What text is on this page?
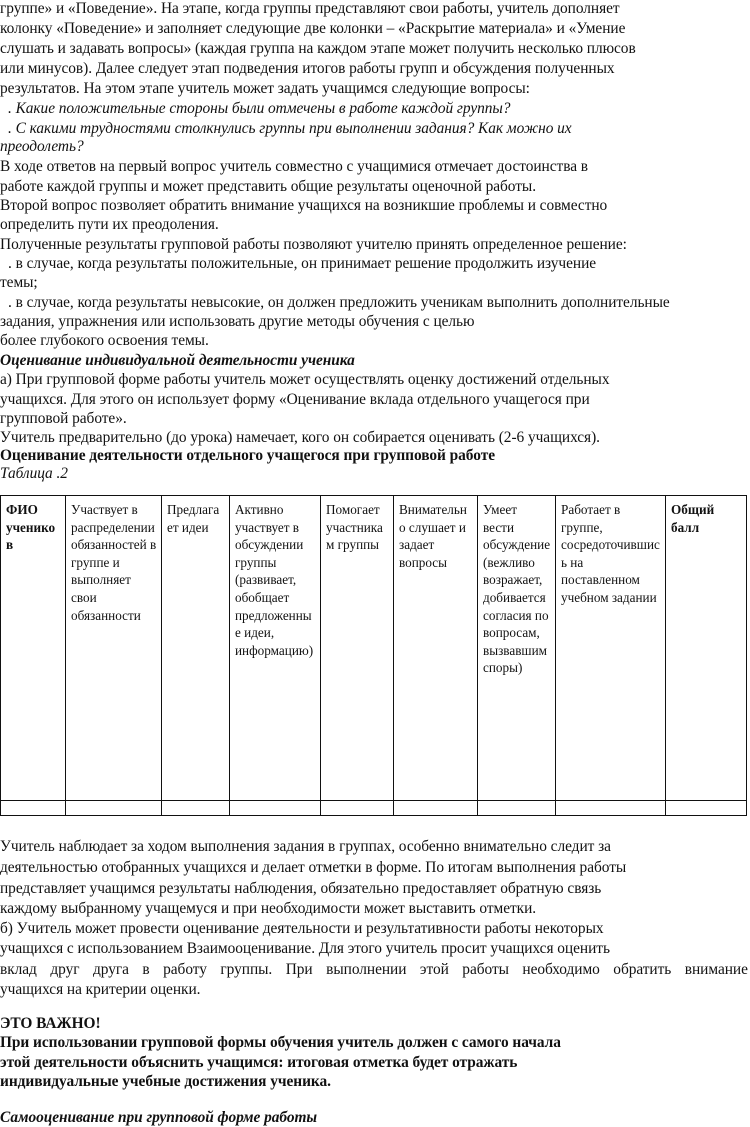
группе» и «Поведение». На этапе, когда группы представляют свои работы, учитель дополняет
колонку «Поведение» и заполняет следующие две колонки – «Раскрытие материала» и «Умение
слушать и задавать вопросы» (каждая группа на каждом этапе может получить несколько плюсов
или минусов). Далее следует этап подведения итогов работы групп и обсуждения полученных
результатов. На этом этапе учитель может задать учащимся следующие вопросы:
. Какие положительные стороны были отмечены в работе каждой группы?
. С какими трудностями столкнулись группы при выполнении задания? Как можно их
преодолеть?
В ходе ответов на первый вопрос учитель совместно с учащимися отмечает достоинства в
работе каждой группы и может представить общие результаты оценочной работы.
Второй вопрос позволяет обратить внимание учащихся на возникшие проблемы и совместно
определить пути их преодоления.
Полученные результаты групповой работы позволяют учителю принять определенное решение:
. в случае, когда результаты положительные, он принимает решение продолжить изучение
темы;
. в случае, когда результаты невысокие, он должен предложить ученикам выполнить дополнительные
задания, упражнения или использовать другие методы обучения с целью
более глубокого освоения темы.
Оценивание индивидуальной деятельности ученика
а) При групповой форме работы учитель может осуществлять оценку достижений отдельных
учащихся. Для этого он использует форму «Оценивание вклада отдельного учащегося при
групповой работе».
Учитель предварительно (до урока) намечает, кого он собирается оценивать (2-6 учащихся).
Оценивание деятельности отдельного учащегося при групповой работе
Таблица .2
ФИО учеников	Участвует в распределении обязанностей в группе и выполняет свои обязанности	Предлагает идеи	Активно участвует в обсуждении группы (развивает, обобщает предложенные идеи, информацию)	Помогает участникам группы	Внимательно слушает и задает вопросы	Умеет вести обсуждение (вежливо возражает, добивается согласия по вопросам, вызвавшим споры)	Работает в группе, сосредоточившись на поставленном учебном задании	Общий балл

Учитель наблюдает за ходом выполнения задания в группах, особенно внимательно следит за
деятельностью отобранных учащихся и делает отметки в форме. По итогам выполнения работы
представляет учащимся результаты наблюдения, обязательно предоставляет обратную связь
каждому выбранному учащемуся и при необходимости может выставить отметки.
б) Учитель может провести оценивание деятельности и результативности работы некоторых
учащихся с использованием Взаимооценивание. Для этого учитель просит учащихся оценить
вклад друг друга в работу группы. При выполнении этой работы необходимо обратить внимание
учащихся на критерии оценки.
ЭТО ВАЖНО!
При использовании групповой формы обучения учитель должен с самого начала
этой деятельности объяснить учащимся: итоговая отметка будет отражать
индивидуальные учебные достижения ученика.
Самооценивание при групповой форме работы
